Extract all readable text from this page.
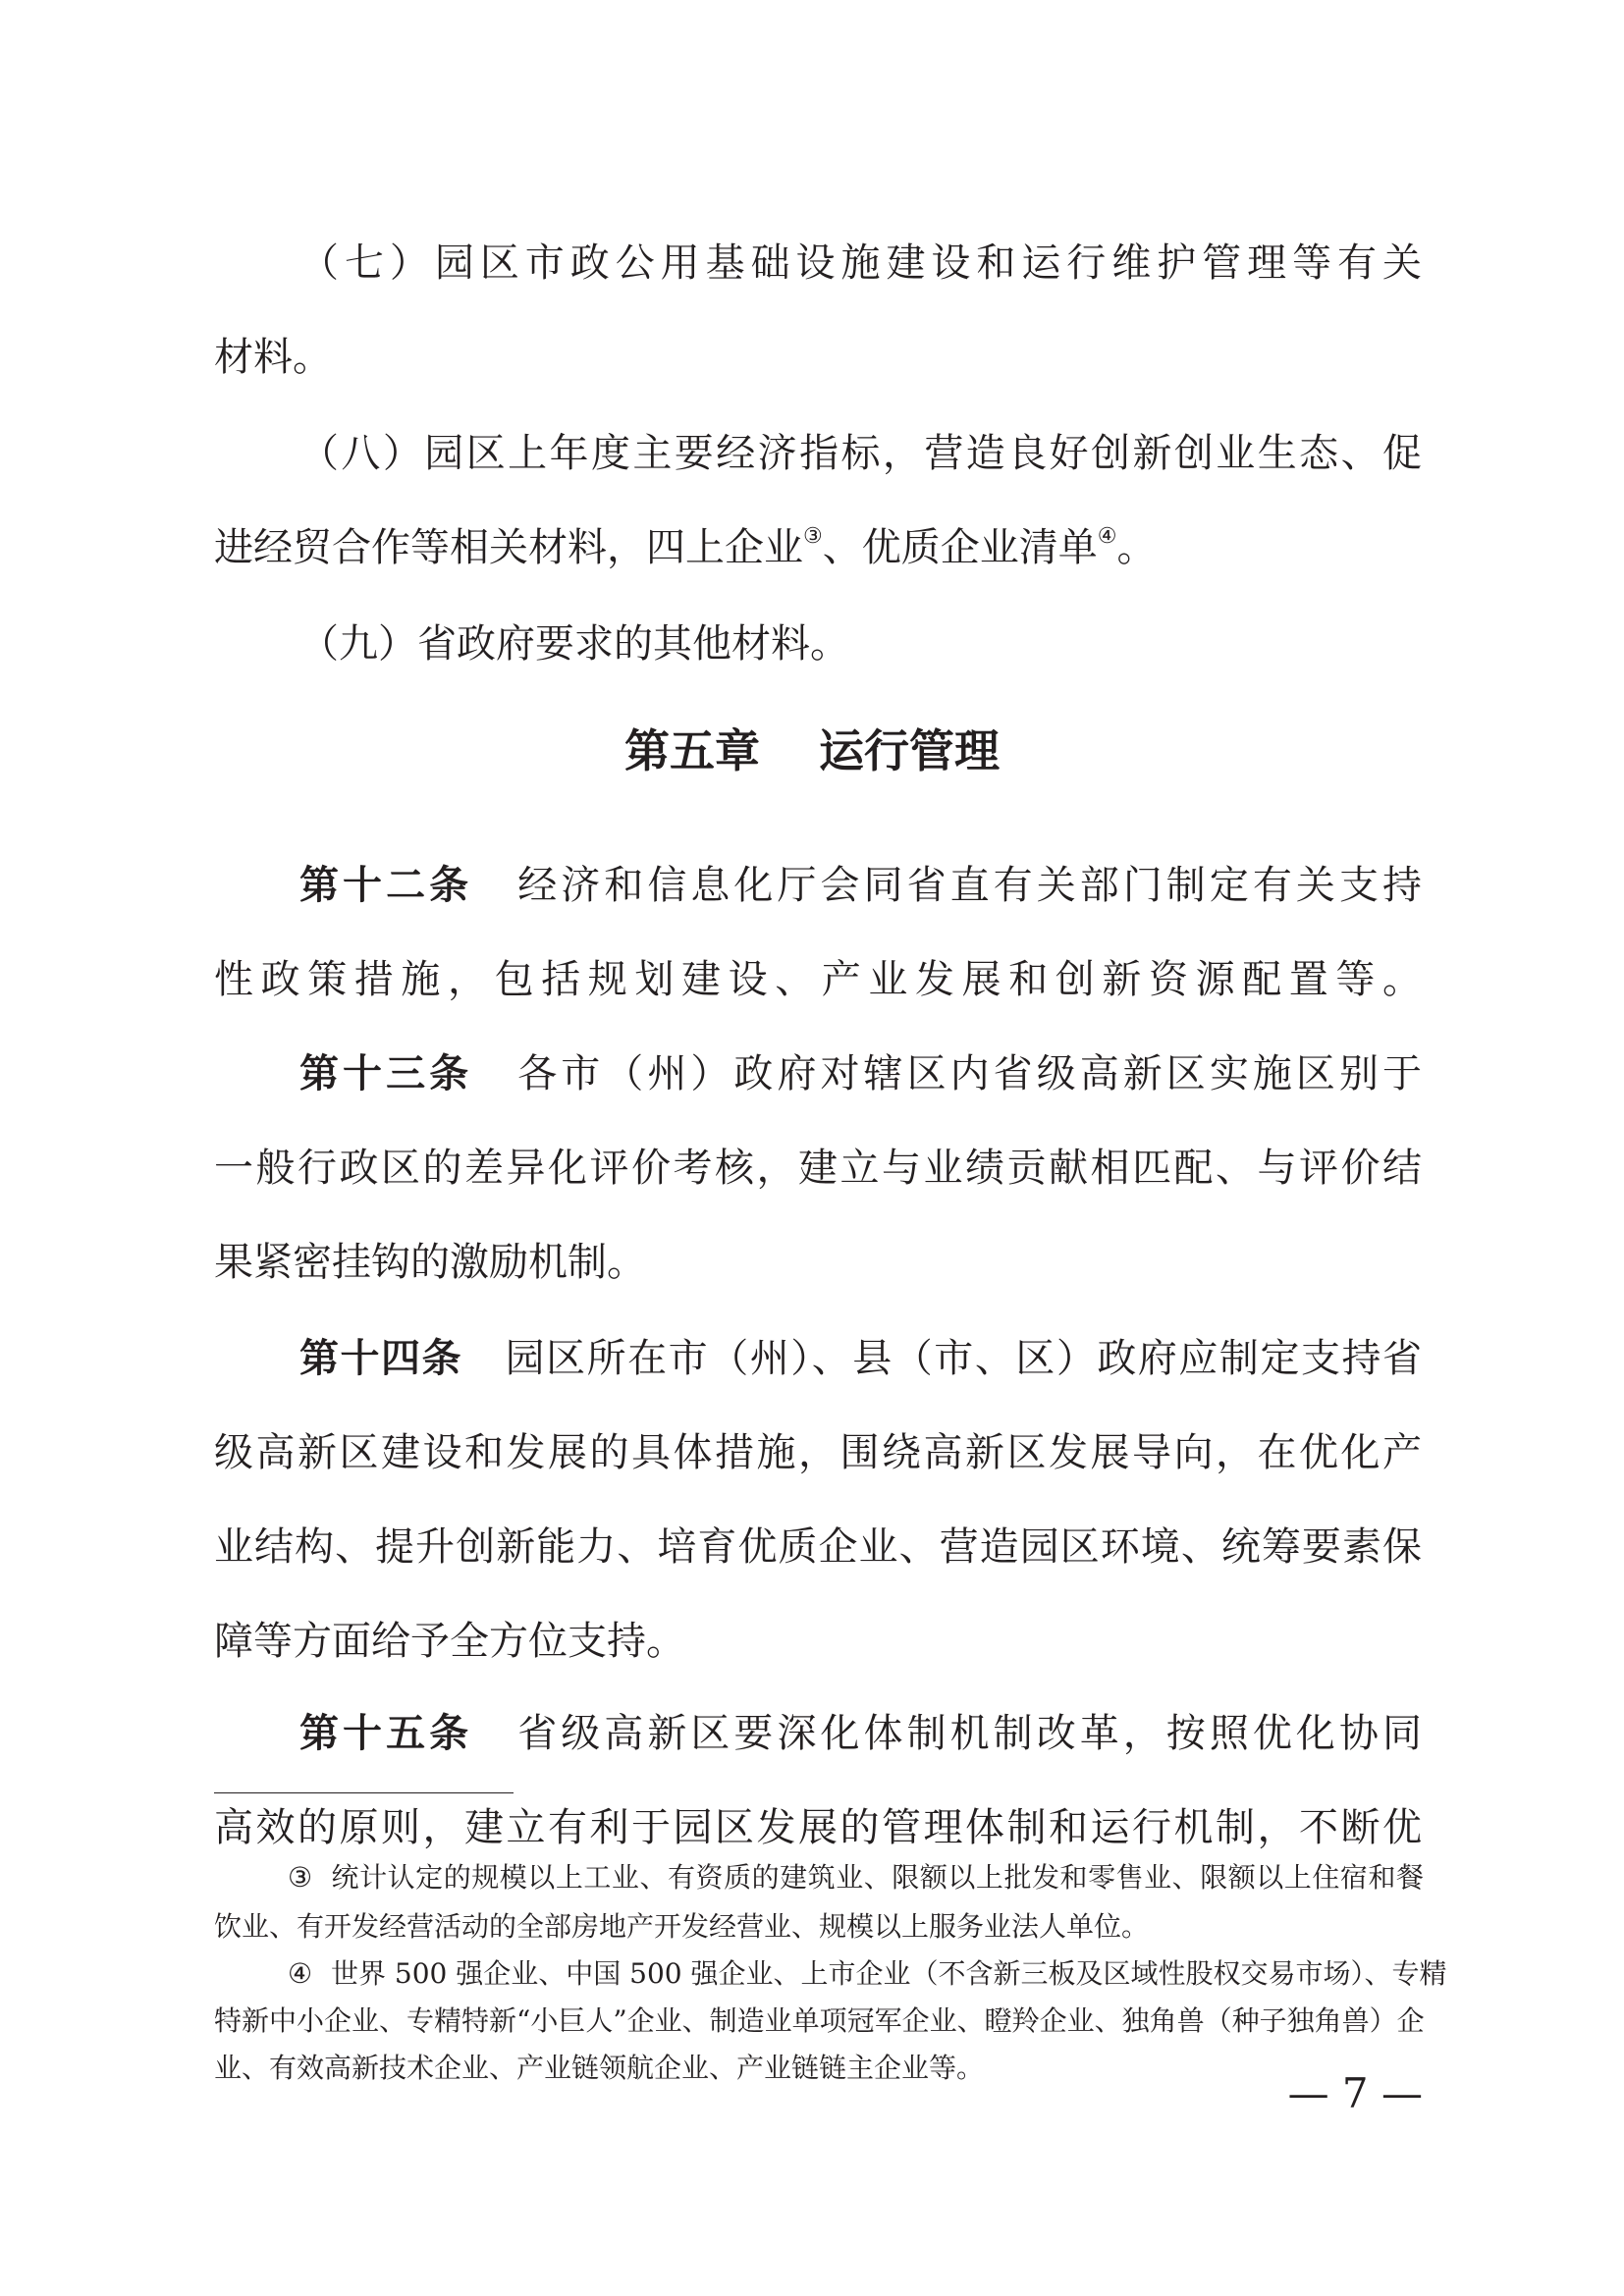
（七）园区市政公用基础设施建设和运行维护管理等有关
材料。
（八）园区上年度主要经济指标，营造良好创新创业生态、促
进经贸合作等相关材料，四上企业③、优质企业清单④。
（九）省政府要求的其他材料。
第五章 运行管理
第十二条 经济和信息化厅会同省直有关部门制定有关支持
性政策措施，包括规划建设、产业发展和创新资源配置等。
第十三条 各市（州）政府对辖区内省级高新区实施区别于
一般行政区的差异化评价考核，建立与业绩贡献相匹配、与评价结
果紧密挂钩的激励机制。
第十四条 园区所在市（州）、县（市、区）政府应制定支持省
级高新区建设和发展的具体措施，围绕高新区发展导向，在优化产
业结构、提升创新能力、培育优质企业、营造园区环境、统筹要素保
障等方面给予全方位支持。
第十五条 省级高新区要深化体制机制改革，按照优化协同
高效的原则，建立有利于园区发展的管理体制和运行机制，不断优
③ 统计认定的规模以上工业、有资质的建筑业、限额以上批发和零售业、限额以上住宿和餐
饮业、有开发经营活动的全部房地产开发经营业、规模以上服务业法人单位。
④ 世界 500 强企业、中国 500 强企业、上市企业（不含新三板及区域性股权交易市场）、专精
特新中小企业、专精特新“小巨人”企业、制造业单项冠军企业、瞪羚企业、独角兽（种子独角兽）企
业、有效高新技术企业、产业链领航企业、产业链链主企业等。
— 7 —
